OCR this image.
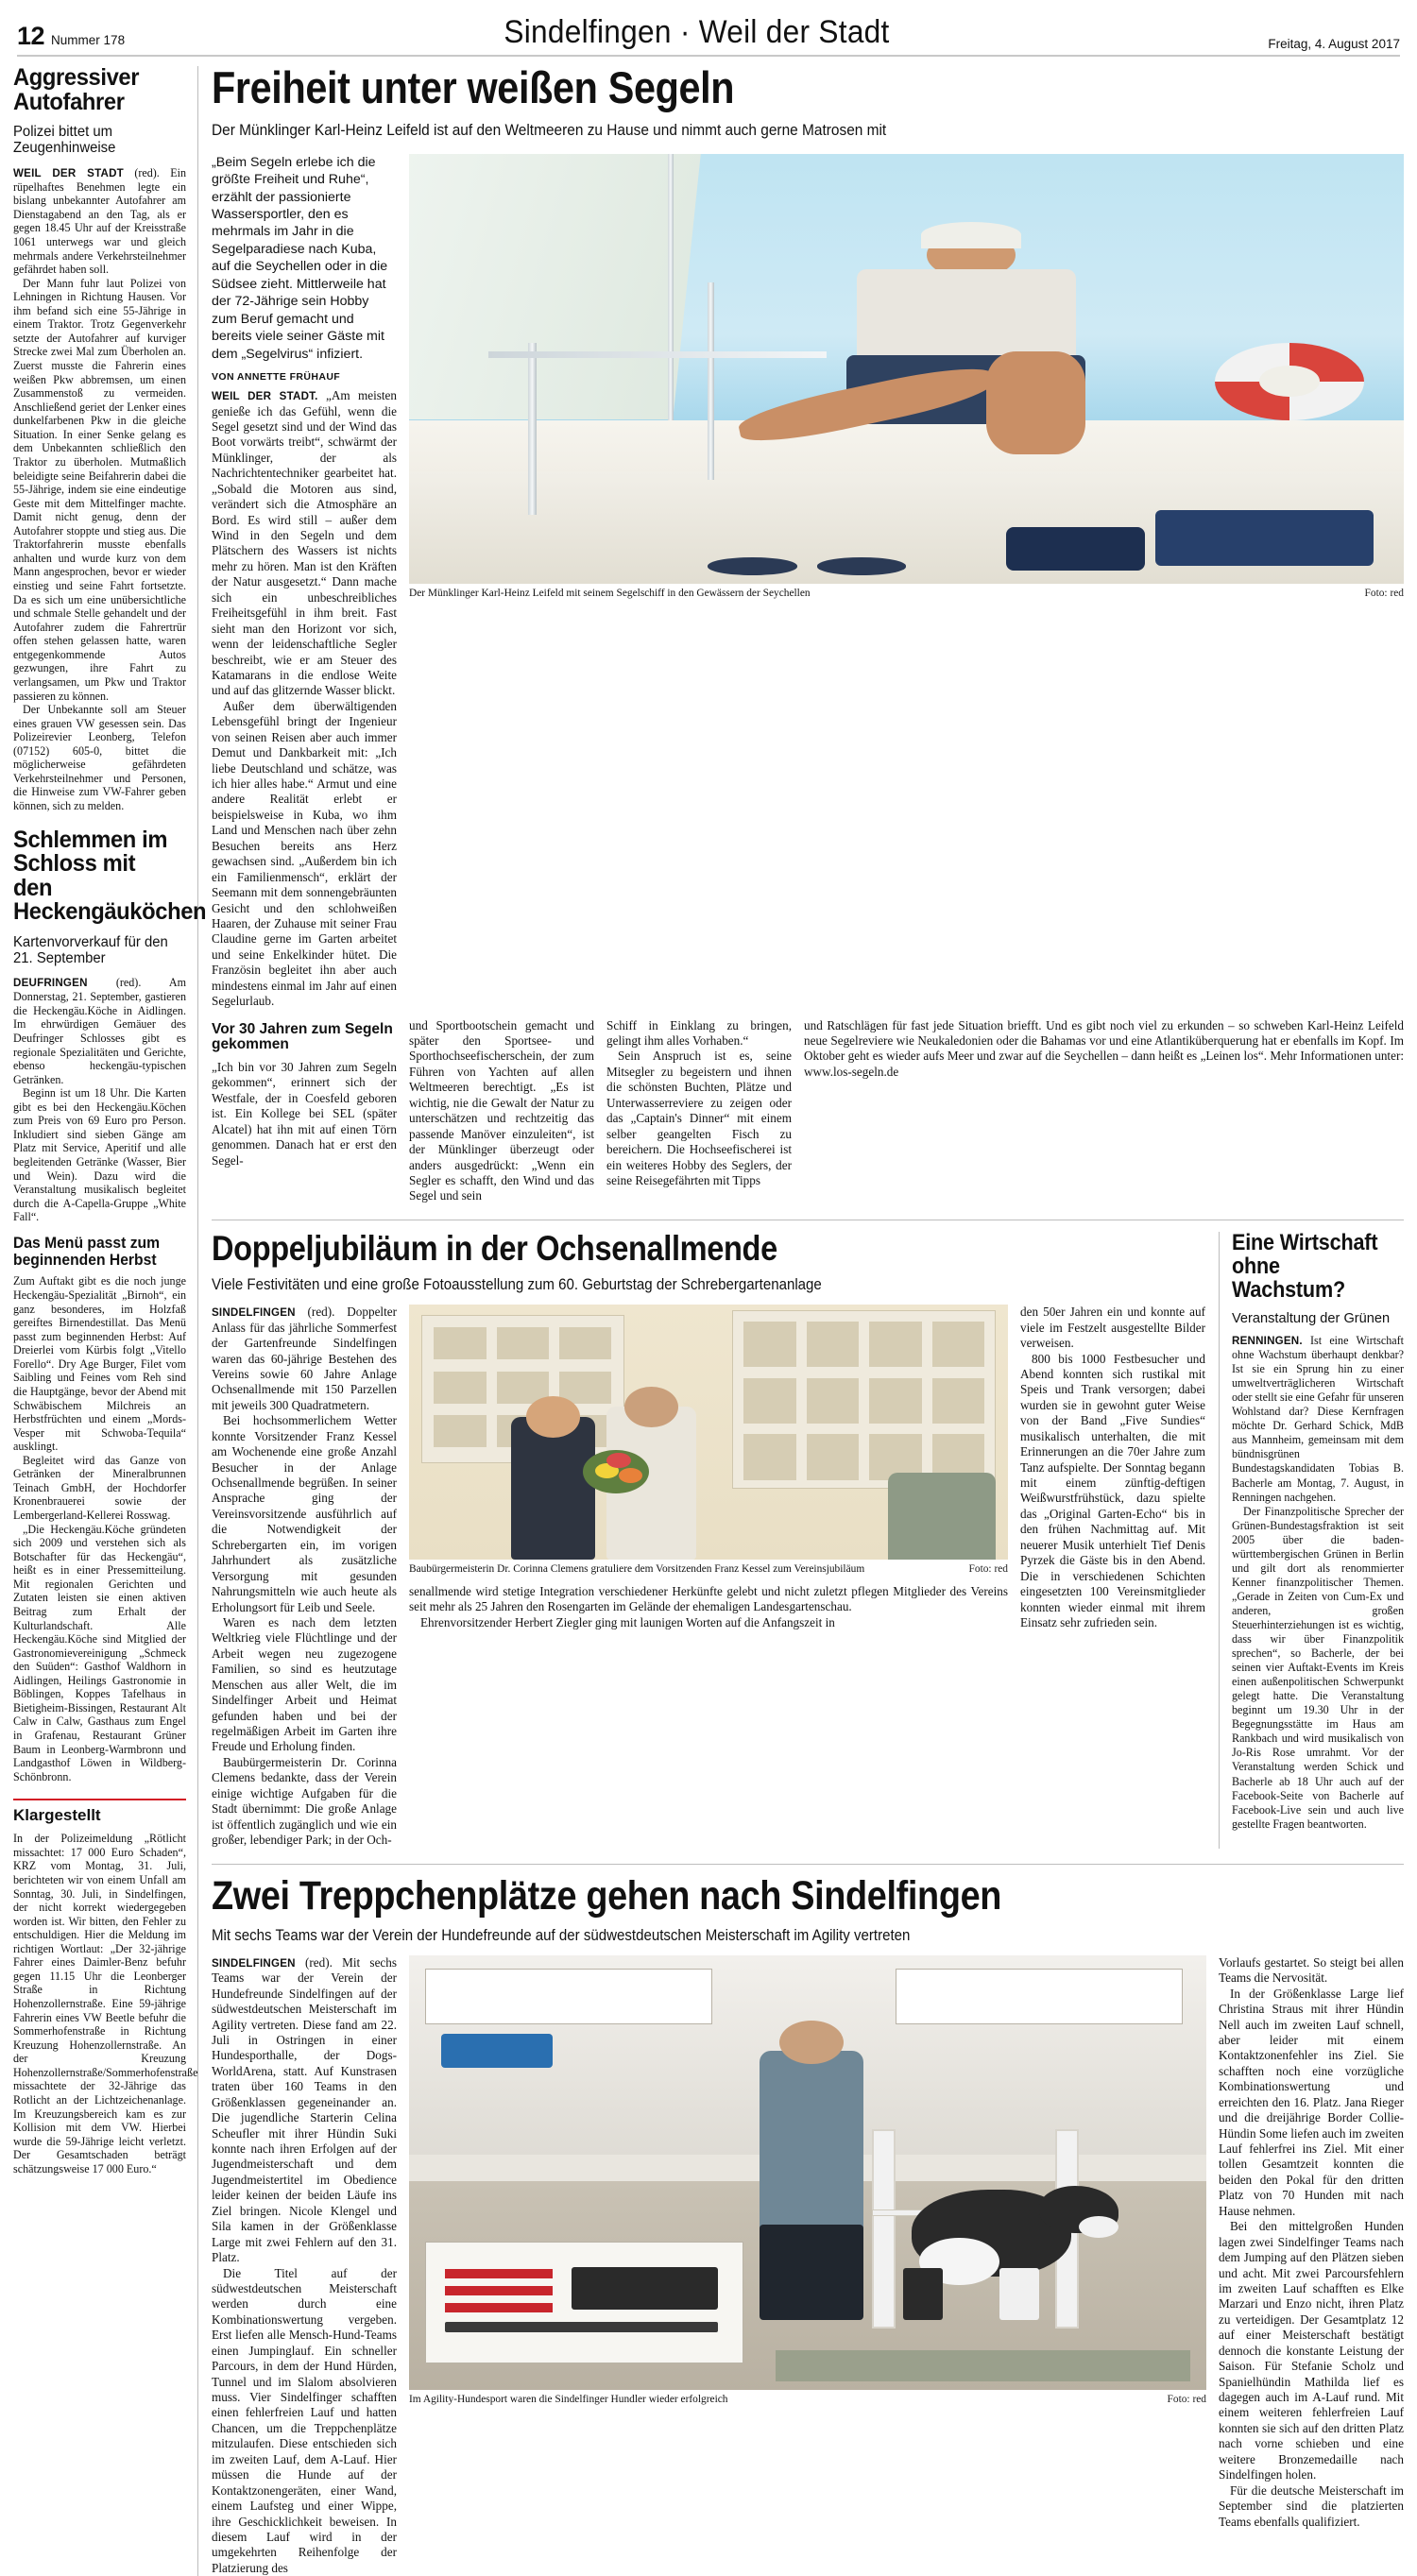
12 Nummer 178	Sindelfingen · Weil der Stadt	Freitag, 4. August 2017
Aggressiver Autofahrer
Polizei bittet um Zeugenhinweise

WEIL DER STADT (red). Ein rüpelhaftes Benehmen legte ein bislang unbekannter Autofahrer am Dienstagabend an den Tag, als er gegen 18.45 Uhr auf der Kreisstraße 1061 unterwegs war und gleich mehrmals andere Verkehrsteilnehmer gefährdet haben soll.

Der Mann fuhr laut Polizei von Lehningen in Richtung Hausen. Vor ihm befand sich eine 55-Jährige in einem Traktor. Trotz Gegenverkehr setzte der Autofahrer auf kurviger Strecke zwei Mal zum Überholen an. Zuerst musste die Fahrerin eines weißen Pkw abbremsen, um einen Zusammenstoß zu vermeiden. Anschließend geriet der Lenker eines dunkelfarbenen Pkw in die gleiche Situation. In einer Senke gelang es dem Unbekannten schließlich den Traktor zu überholen. Mutmaßlich beleidigte seine Beifahrerin dabei die 55-Jährige, indem sie eine eindeutige Geste mit dem Mittelfinger machte. Damit nicht genug, denn der Autofahrer stoppte und stieg aus. Die Traktorfahrerin musste ebenfalls anhalten und wurde kurz von dem Mann angesprochen, bevor er wieder einstieg und seine Fahrt fortsetzte. Da es sich um eine unübersichtliche und schmale Stelle gehandelt und der Autofahrer zudem die Fahrertrür offen stehen gelassen hatte, waren entgegenkommende Autos gezwungen, ihre Fahrt zu verlangsamen, um Pkw und Traktor passieren zu können.

Der Unbekannte soll am Steuer eines grauen VW gesessen sein. Das Polizeirevier Leonberg, Telefon (07152) 605-0, bittet die möglicherweise gefährdeten Verkehrsteilnehmer und Personen, die Hinweise zum VW-Fahrer geben können, sich zu melden.

Schlemmen im Schloss mit den Heckengäuköchen
Kartenvorverkauf für den 21. September

DEUFRINGEN (red). Am Donnerstag, 21. September, gastieren die Heckengäu.Köche in Aidlingen. Im ehrwürdigen Gemäuer des Deufringer Schlosses gibt es regionale Spezialitäten und Gerichte, ebenso heckengäu-typischen Getränken.

Beginn ist um 18 Uhr. Die Karten gibt es bei den Heckengäu.Köchen zum Preis von 69 Euro pro Person. Inkludiert sind sieben Gänge am Platz mit Service, Aperitif und alle begleitenden Getränke (Wasser, Bier und Wein). Dazu wird die Veranstaltung musikalisch begleitet durch die A-Capella-Gruppe „White Fall“.

Das Menü passt zum beginnenden Herbst

Zum Auftakt gibt es die noch junge Heckengäu-Spezialität „Birnoh“, ein ganz besonderes, im Holzfaß gereiftes Birnendestillat. Das Menü passt zum beginnenden Herbst: Auf Dreierlei vom Kürbis folgt „Vitello Forello“. Dry Age Burger, Filet vom Saibling und Feines vom Reh sind die Hauptgänge, bevor der Abend mit Schwäbischem Milchreis an Herbstfrüchten und einem „Mords-Vesper mit Schwoba-Tequila“ ausklingt.

Begleitet wird das Ganze von Getränken der Mineralbrunnen Teinach GmbH, der Hochdorfer Kronenbrauerei sowie der Lembergerland-Kellerei Rosswag.

„Die Heckengäu.Köche gründeten sich 2009 und verstehen sich als Botschafter für das Heckengäu“, heißt es in einer Pressemitteilung. Mit regionalen Gerichten und Zutaten leisten sie einen aktiven Beitrag zum Erhalt der Kulturlandschaft. Alle Heckengäu.Köche sind Mitglied der Gastronomievereinigung „Schmeck den Suüden“: Gasthof Waldhorn in Aidlingen, Heilings Gastronomie in Böblingen, Koppes Tafelhaus in Bietigheim-Bissingen, Restaurant Alt Calw in Calw, Gasthaus zum Engel in Grafenau, Restaurant Grüner Baum in Leonberg-Warmbronn und Landgasthof Löwen in Wildberg-Schönbronn.

Klargestellt

In der Polizeimeldung „Rötlicht missachtet: 17 000 Euro Schaden“, KRZ vom Montag, 31. Juli, berichteten wir von einem Unfall am Sonntag, 30. Juli, in Sindelfingen, der nicht korrekt wiedergegeben worden ist. Wir bitten, den Fehler zu entschuldigen. Hier die Meldung im richtigen Wortlaut: „Der 32-jährige Fahrer eines Daimler-Benz befuhr gegen 11.15 Uhr die Leonberger Straße in Richtung Hohenzollernstraße. Eine 59-jährige Fahrerin eines VW Beetle befuhr die Sommerhofenstraße in Richtung Kreuzung Hohenzollernstraße. An der Kreuzung Hohenzollernstraße/Sommerhofenstraße missachtete der 32-Jährige das Rotlicht an der Lichtzeichenanlage. Im Kreuzungsbereich kam es zur Kollision mit dem VW. Hierbei wurde die 59-Jährige leicht verletzt. Der Gesamtschaden beträgt schätzungsweise 17 000 Euro.“

Freiheit unter weißen Segeln
Der Münklinger Karl-Heinz Leifeld ist auf den Weltmeeren zu Hause und nimmt auch gerne Matrosen mit
„Beim Segeln erlebe ich die größte Freiheit und Ruhe“, erzählt der passionierte Wassersportler, den es mehrmals im Jahr in die Segelparadiese nach Kuba, auf die Seychellen oder in die Südsee zieht. Mittlerweile hat der 72-Jährige sein Hobby zum Beruf gemacht und bereits viele seiner Gäste mit dem „Segelvirus“ infiziert.
VON ANNETTE FRÜHAUF

WEIL DER STADT. „Am meisten genieße ich das Gefühl, wenn die Segel gesetzt sind und der Wind das Boot vorwärts treibt“, schwärmt der Münklinger, der als Nachrichtentechniker gearbeitet hat. „Sobald die Motoren aus sind, verändert sich die Atmosphäre an Bord. Es wird still – außer dem Wind in den Segeln und dem Plätschern des Wassers ist nichts mehr zu hören. Man ist den Kräften der Natur ausgesetzt.“ Dann mache sich ein unbeschreibliches Freiheitsgefühl in ihm breit. Fast sieht man den Horizont vor sich, wenn der leidenschaftliche Segler beschreibt, wie er am Steuer des Katamarans in die endlose Weite und auf das glitzernde Wasser blickt.

Außer dem überwältigenden Lebensgefühl bringt der Ingenieur von seinen Reisen aber auch immer Demut und Dankbarkeit mit: „Ich liebe Deutschland und schätze, was ich hier alles habe.“ Armut und eine andere Realität erlebt er beispielsweise in Kuba, wo ihm Land und Menschen nach über zehn Besuchen bereits ans Herz gewachsen sind. „Außerdem bin ich ein Familienmensch“, erklärt der Seemann mit dem sonnengebräunten Gesicht und den schlohweißen Haaren, der Zuhause mit seiner Frau Claudine gerne im Garten arbeitet und seine Enkelkinder hütet. Die Französin begleitet ihn aber auch mindestens einmal im Jahr auf einen Segelurlaub.

Der Münklinger Karl-Heinz Leifeld mit seinem Segelschiff in den Gewässern der Seychellen	Foto: red
Vor 30 Jahren zum Segeln gekommen

„Ich bin vor 30 Jahren zum Segeln gekommen“, erinnert sich der Westfale, der in Coesfeld geboren ist. Ein Kollege bei SEL (später Alcatel) hat ihn mit auf einen Törn genommen. Danach hat er erst den Segel-

und Sportbootschein gemacht und später den Sportsee- und Sporthochseefischerschein, der zum Führen von Yachten auf allen Weltmeeren berechtigt. „Es ist wichtig, nie die Gewalt der Natur zu unterschätzen und rechtzeitig das passende Manöver einzuleiten“, ist der Münklinger überzeugt oder anders ausgedrückt: „Wenn ein Segler es schafft, den Wind und das Segel und sein

Schiff in Einklang zu bringen, gelingt ihm alles Vorhaben.“

Sein Anspruch ist es, seine Mitsegler zu begeistern und ihnen die schönsten Buchten, Plätze und Unterwasserreviere zu zeigen oder das „Captain's Dinner“ mit einem selber geangelten Fisch zu bereichern. Die Hochseefischerei ist ein weiteres Hobby des Seglers, der seine Reisegefährten mit Tipps

und Ratschlägen für fast jede Situation briefft. Und es gibt noch viel zu erkunden – so schweben Karl-Heinz Leifeld neue Segelreviere wie Neukaledonien oder die Bahamas vor und eine Atlantiküberquerung hat er ebenfalls im Kopf. Im Oktober geht es wieder aufs Meer und zwar auf die Seychellen – dann heißt es „Leinen los“. Mehr Informationen unter: www.los-segeln.de

Doppeljubiläum in der Ochsenallmende
Viele Festivitäten und eine große Fotoausstellung zum 60. Geburtstag der Schrebergartenanlage

SINDELFINGEN (red). Doppelter Anlass für das jährliche Sommerfest der Gartenfreunde Sindelfingen waren das 60-jährige Bestehen des Vereins sowie 60 Jahre Anlage Ochsenallmende mit 150 Parzellen mit jeweils 300 Quadratmetern.

Bei hochsommerlichem Wetter konnte Vorsitzender Franz Kessel am Wochenende eine große Anzahl Besucher in der Anlage Ochsenallmende begrüßen. In seiner Ansprache ging der Vereinsvorsitzende ausführlich auf die Notwendigkeit der Schrebergarten ein, im vorigen Jahrhundert als zusätzliche Versorgung mit gesunden Nahrungsmitteln wie auch heute als Erholungsort für Leib und Seele.

Waren es nach dem letzten Weltkrieg viele Flüchtlinge und der Arbeit wegen neu zugezogene Familien, so sind es heutzutage Menschen aus aller Welt, die im Sindelfinger Arbeit und Heimat gefunden haben und bei der regelmäßigen Arbeit im Garten ihre Freude und Erholung finden.

Baubürgermeisterin Dr. Corinna Clemens bedankte, dass der Verein einige wichtige Aufgaben für die Stadt übernimmt: Die große Anlage ist öffentlich zugänglich und wie ein großer, lebendiger Park; in der Och-

Baubürgermeisterin Dr. Corinna Clemens gratuliere dem Vorsitzenden Franz Kessel zum Vereinsjubiläum	Foto: red

senallmende wird stetige Integration verschiedener Herkünfte gelebt und nicht zuletzt pflegen Mitglieder des Vereins seit mehr als 25 Jahren den Rosengarten im Gelände der ehemaligen Landesgartenschau.

Ehrenvorsitzender Herbert Ziegler ging mit launigen Worten auf die Anfangszeit in

den 50er Jahren ein und konnte auf viele im Festzelt ausgestellte Bilder verweisen.

800 bis 1000 Festbesucher und Abend konnten sich rustikal mit Speis und Trank versorgen; dabei wurden sie in gewohnt guter Weise von der Band „Five Sundies“ musikalisch unterhalten, die mit Erinnerungen an die 70er Jahre zum Tanz aufspielte. Der Sonntag begann mit einem zünftig-deftigen Weißwurstfrühstück, dazu spielte das „Original Garten-Echo“ bis in den frühen Nachmittag auf. Mit neuerer Musik unterhielt Tief Denis Pyrzek die Gäste bis in den Abend. Die in verschiedenen Schichten eingesetzten 100 Vereinsmitglieder konnten wieder einmal mit ihrem Einsatz sehr zufrieden sein.

Eine Wirtschaft ohne Wachstum?
Veranstaltung der Grünen

RENNINGEN. Ist eine Wirtschaft ohne Wachstum überhaupt denkbar? Ist sie ein Sprung hin zu einer umweltverträglicheren Wirtschaft oder stellt sie eine Gefahr für unseren Wohlstand dar? Diese Kernfragen möchte Dr. Gerhard Schick, MdB aus Mannheim, gemeinsam mit dem bündnisgrünen Bundestagskandidaten Tobias B. Bacherle am Montag, 7. August, in Renningen nachgehen.

Der Finanzpolitische Sprecher der Grünen-Bundestagsfraktion ist seit 2005 über die baden-württembergischen Grünen in Berlin und gilt dort als renommierter Kenner finanzpolitischer Themen. „Gerade in Zeiten von Cum-Ex und anderen, großen Steuerhinterziehungen ist es wichtig, dass wir über Finanzpolitik sprechen“, so Bacherle, der bei seinen vier Auftakt-Events im Kreis einen außenpolitischen Schwerpunkt gelegt hatte. Die Veranstaltung beginnt um 19.30 Uhr in der Begegnungsstätte im Haus am Rankbach und wird musikalisch von Jo-Ris Rose umrahmt. Vor der Veranstaltung werden Schick und Bacherle ab 18 Uhr auch auf der Facebook-Seite von Bacherle auf Facebook-Live sein und auch live gestellte Fragen beantworten.

Zwei Treppchenplätze gehen nach Sindelfingen
Mit sechs Teams war der Verein der Hundefreunde auf der südwestdeutschen Meisterschaft im Agility vertreten

SINDELFINGEN (red). Mit sechs Teams war der Verein der Hundefreunde Sindelfingen auf der südwestdeutschen Meisterschaft im Agility vertreten. Diese fand am 22. Juli in Ostringen in einer Hundesporthalle, der Dogs-WorldArena, statt. Auf Kunstrasen traten über 160 Teams in den Größenklassen gegeneinander an. Die jugendliche Starterin Celina Scheufler mit ihrer Hündin Suki konnte nach ihren Erfolgen auf der Jugendmeisterschaft und dem Jugendmeistertitel im Obedience leider keinen der beiden Läufe ins Ziel bringen. Nicole Klengel und Sila kamen in der Größenklasse Large mit zwei Fehlern auf den 31. Platz.

Die Titel auf der südwestdeutschen Meisterschaft werden durch eine Kombinationswertung vergeben. Erst liefen alle Mensch-Hund-Teams einen Jumpinglauf. Ein schneller Parcours, in dem der Hund Hürden, Tunnel und im Slalom absolvieren muss. Vier Sindelfinger schafften einen fehlerfreien Lauf und hatten Chancen, um die Treppchenplätze mitzulaufen. Diese entschieden sich im zweiten Lauf, dem A-Lauf. Hier müssen die Hunde auf der Kontaktzonengeräten, einer Wand, einem Laufsteg und einer Wippe, ihre Geschicklichkeit beweisen. In diesem Lauf wird in der umgekehrten Reihenfolge der Platzierung des

Im Agility-Hundesport waren die Sindelfinger Hundler wieder erfolgreich	Foto: red

Vorlaufs gestartet. So steigt bei allen Teams die Nervosität.

In der Größenklasse Large lief Christina Straus mit ihrer Hündin Nell auch im zweiten Lauf schnell, aber leider mit einem Kontaktzonenfehler ins Ziel. Sie schafften noch eine vorzügliche Kombinationswertung und erreichten den 16. Platz. Jana Rieger und die dreijährige Border Collie-Hündin Some liefen auch im zweiten Lauf fehlerfrei ins Ziel. Mit einer tollen Gesamtzeit konnten die beiden den Pokal für den dritten Platz von 70 Hunden mit nach Hause nehmen.

Bei den mittelgroßen Hunden lagen zwei Sindelfinger Teams nach dem Jumping auf den Plätzen sieben und acht. Mit zwei Parcoursfehlern im zweiten Lauf schafften es Elke Marzari und Enzo nicht, ihren Platz zu verteidigen. Der Gesamtplatz 12 auf einer Meisterschaft bestätigt dennoch die konstante Leistung der Saison. Für Stefanie Scholz und Spanielhündin Mathilda lief es dagegen auch im A-Lauf rund. Mit einem weiteren fehlerfreien Lauf konnten sie sich auf den dritten Platz nach vorne schieben und eine weitere Bronzemedaille nach Sindelfingen holen.

Für die deutsche Meisterschaft im September sind die platzierten Teams ebenfalls qualifiziert.
